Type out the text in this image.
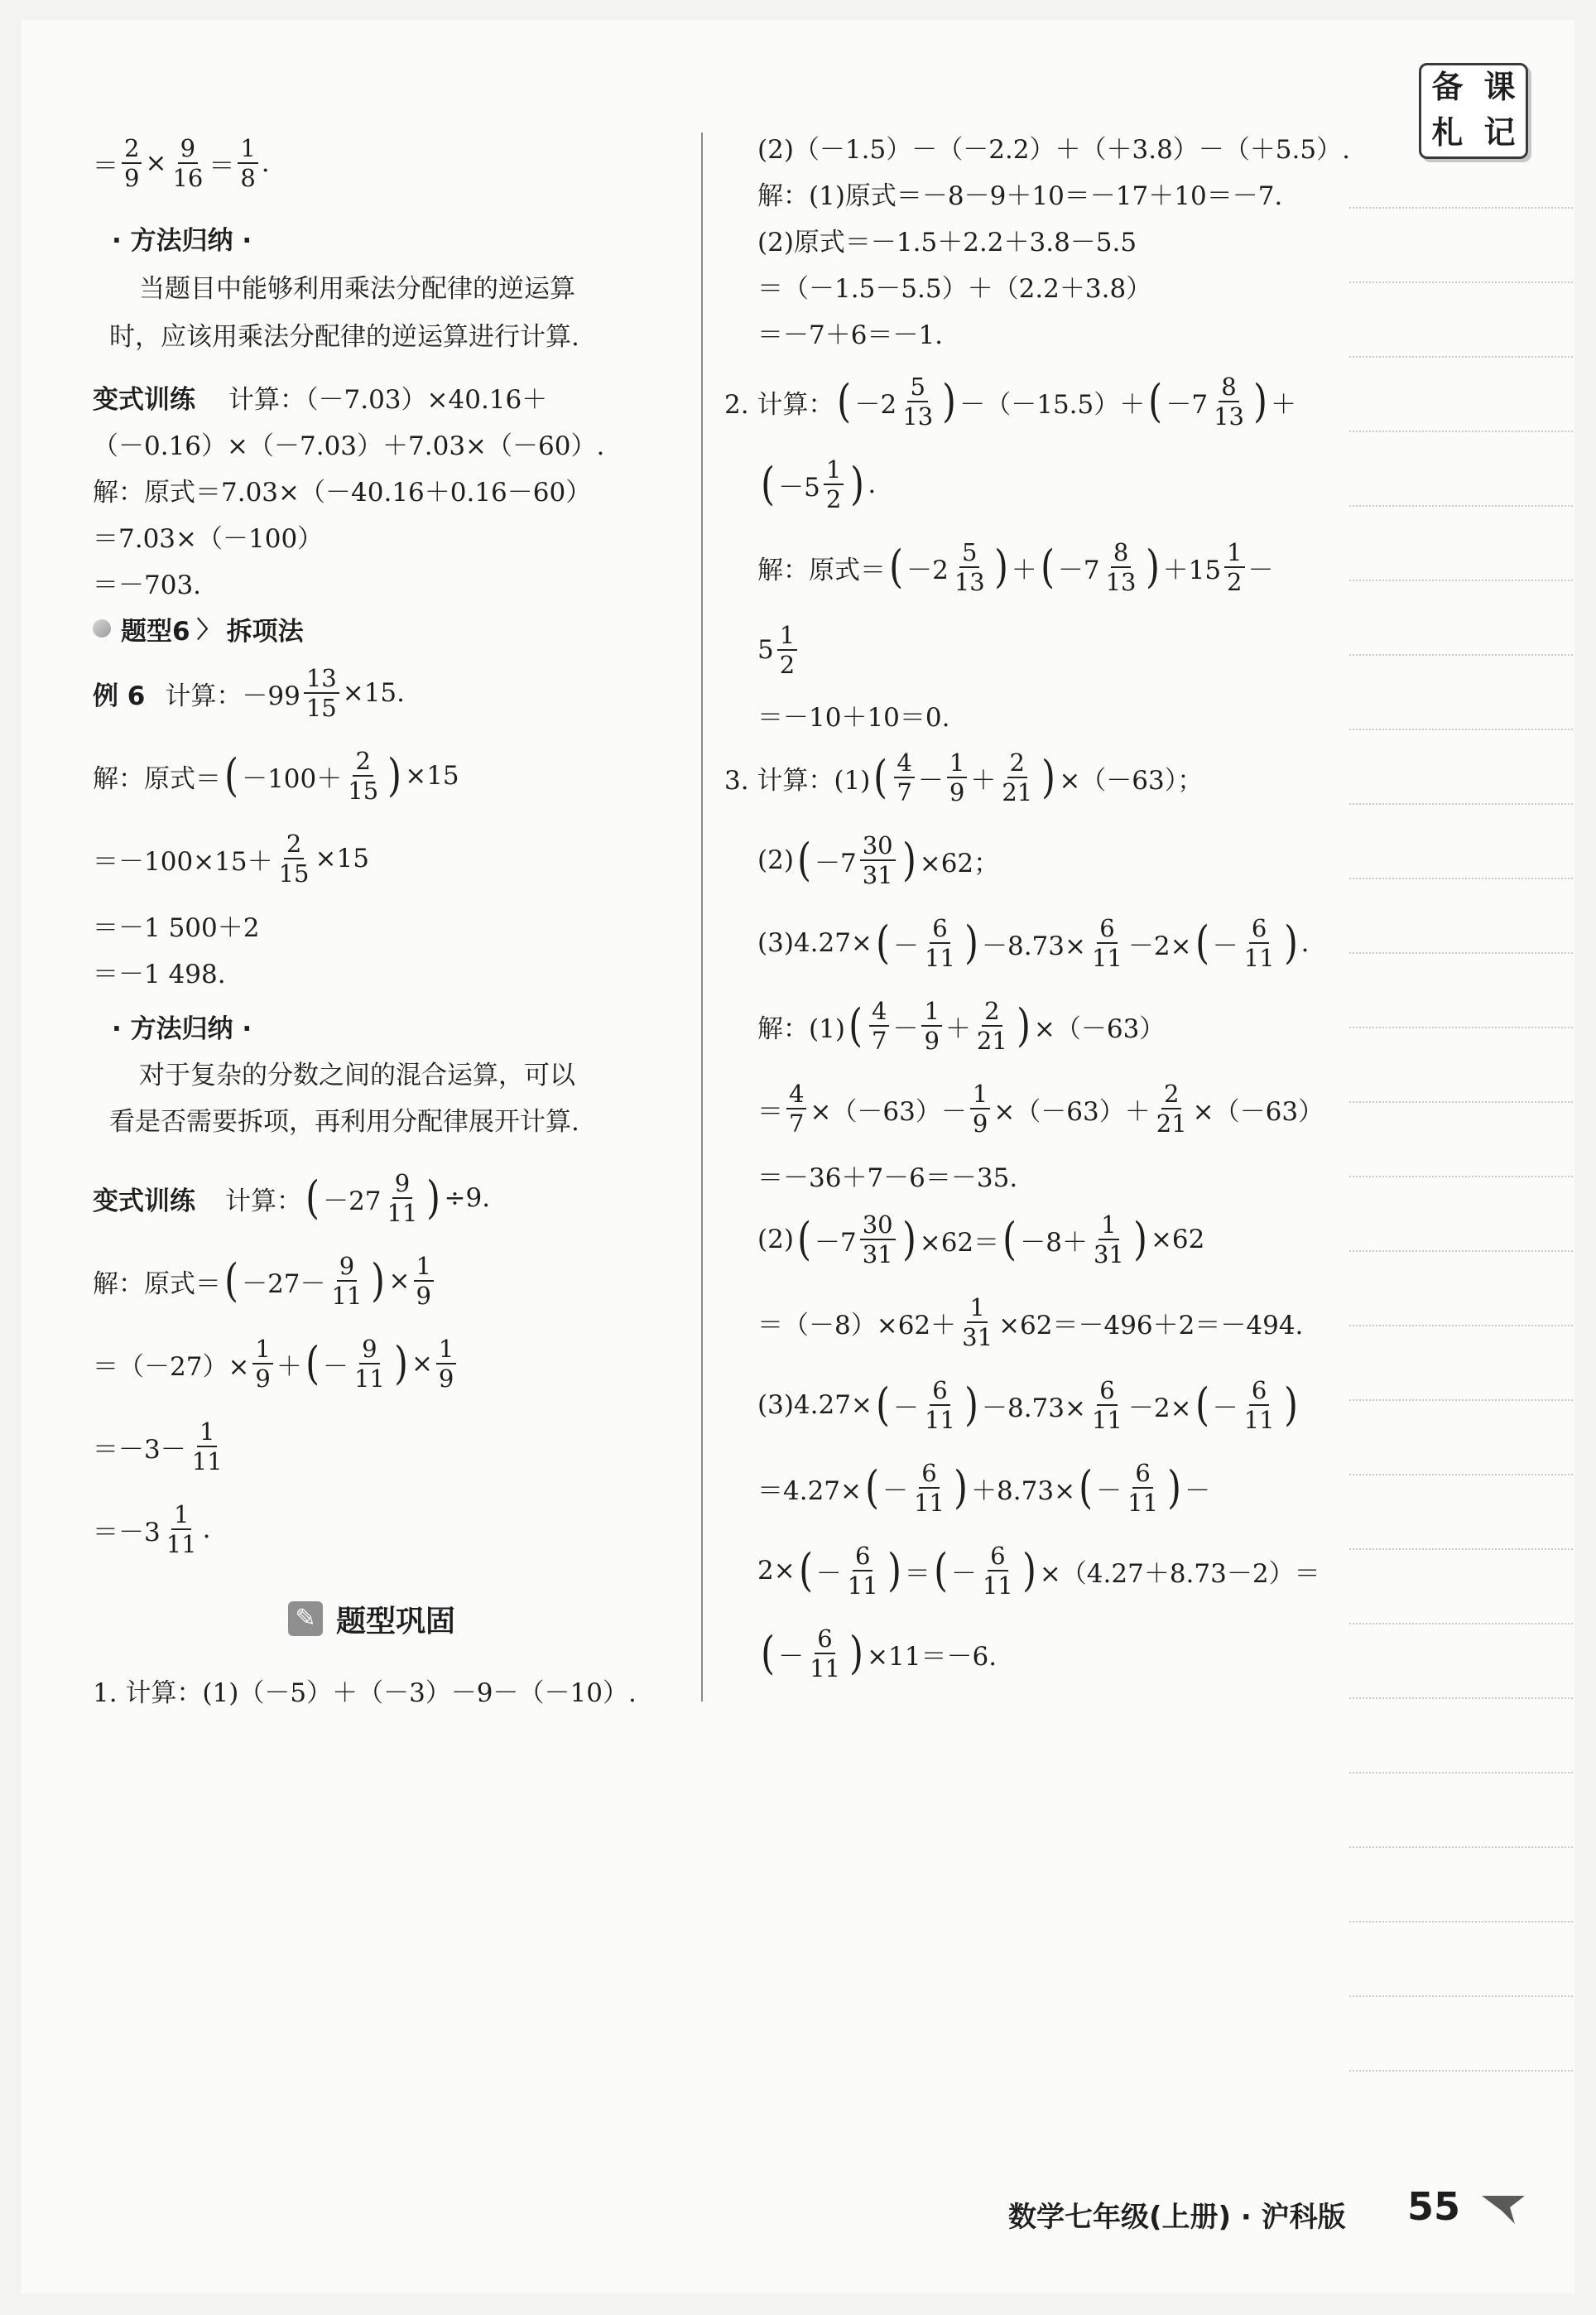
备 课
札 记
＝ $\frac{2}{9} \times \frac{9}{16}$ ＝
1
8 .
· 方法归纳 ·
当题目中能够利用乘法分配律的逆运算
时，应该用乘法分配律的逆运算进行计算.
变式训练 计算：（－7.03）×40.16＋
（－0.16）×（－7.03）＋7.03×（－60）.
解：原式＝7.03×（－40.16＋0.16－60）
＝7.03×（－100）
＝－703.
题型6 〉 拆项法
例 6 计算：$-99 \frac{13}{15} \times 15$.
解：原式＝ ( －100＋
2
15 ) ×15
$=-100\times 15+ \frac{2}{15} \times 15$
＝－1 500＋2
＝－1 498.
· 方法归纳 ·
对于复杂的分数之间的混合运算，可以
看是否需要拆项，再利用分配律展开计算.
变式训练 计算： ( －27
9
11 ) ÷9.
解：原式＝ ( －27－
9
11 ) × $\frac{1}{9}$
$=(-27)\times \frac{1}{9}$ ＋ ( －
9
11 ) × $\frac{1}{9}$
＝－3－
1
11
＝－3
1
11 .
✎ 题型巩固
1. 计算：(1)（－5）＋（－3）－9－（－10）.
(2)（－1.5）－（－2.2）＋（＋3.8）－（＋5.5）.
解：(1)原式＝－8－9＋10＝－17＋10＝－7.
(2)原式＝－1.5＋2.2＋3.8－5.5
＝（－1.5－5.5）＋（2.2＋3.8）
＝－7＋6＝－1.
2. 计算： ( －2
5
13 ) －（－15.5）＋ ( －7
8
13 ) ＋
( －5
1
2 ) .
解：原式＝ ( －2
5
13 ) ＋ ( －7
8
13 ) ＋15
1
2 －
5 1
2
＝－10＋10＝0.
3. 计算：(1) ( 4
7 －
1
9 ＋
2
21 ) ×（－63）；
(2) ( －7
30
31 ) ×62；
(3)4.27× ( －
6
11 ) $-8.73\times \frac{6}{11} -2\times$ ( －
6
11 ) .
解：(1) ( 4
7 －
1
9 ＋
2
21 ) ×（－63）
＝ $\frac{4}{7} \times(-63)- \frac{1}{9} \times(-63)+ \frac{2}{21} \times(-63)$
＝－36＋7－6＝－35.
(2) ( －7
30
31 ) ×62＝ ( －8＋
1
31 ) ×62
$=(-8)\times 62+ \frac{1}{31} \times 62=-496+2=-494$.
(3)4.27× ( －
6
11 ) $-8.73\times \frac{6}{11} -2\times$ ( －
6
11 )
＝4.27× ( －
6
11 ) ＋8.73× ( －
6
11 ) －
2× ( －
6
11 ) ＝ ( －
6
11 ) ×（4.27＋8.73－2）＝
( －
6
11 ) ×11＝－6.
数学七年级(上册) · 沪科版 55
